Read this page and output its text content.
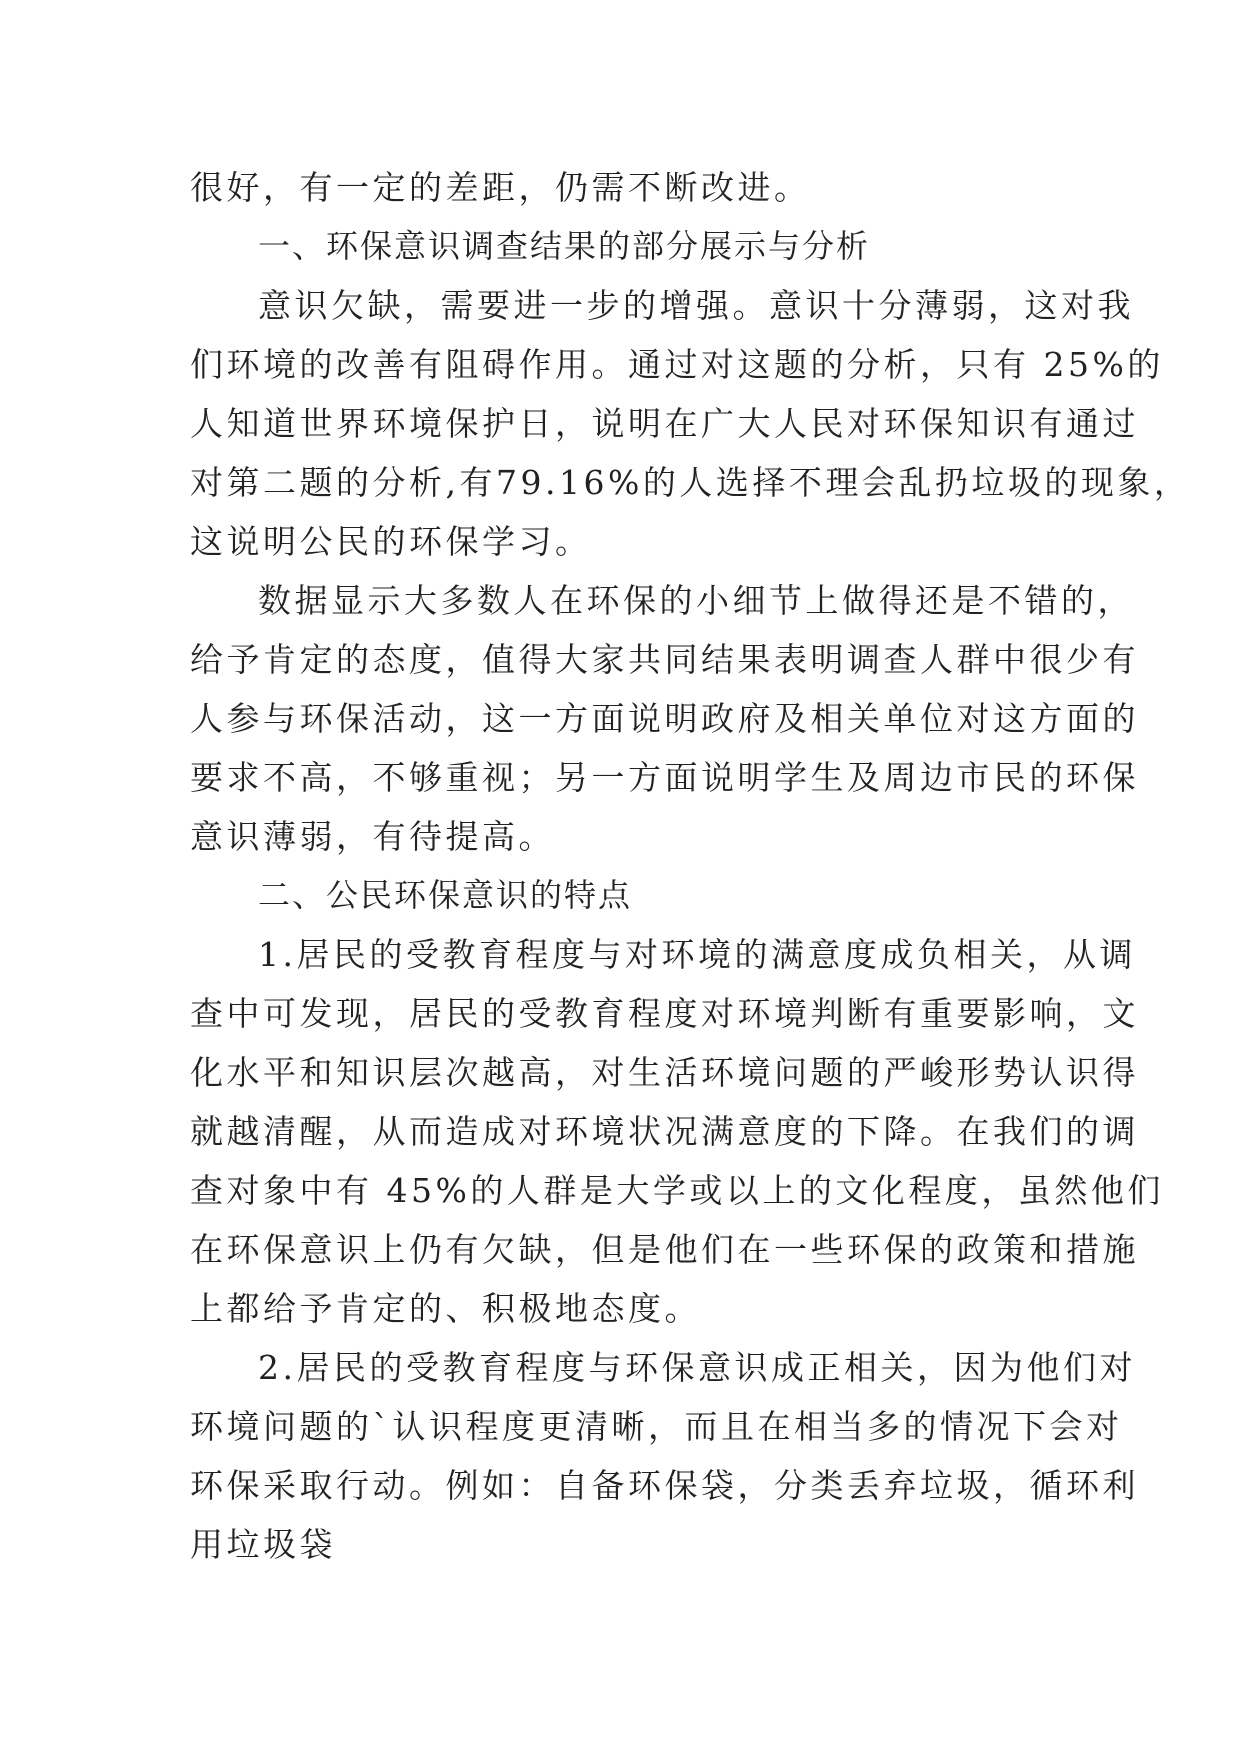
很好，有一定的差距，仍需不断改进。
一、环保意识调查结果的部分展示与分析
意识欠缺，需要进一步的增强。意识十分薄弱，这对我
们环境的改善有阻碍作用。通过对这题的分析，只有 25%的
人知道世界环境保护日，说明在广大人民对环保知识有通过
对第二题的分析,有79.16%的人选择不理会乱扔垃圾的现象，
这说明公民的环保学习。
数据显示大多数人在环保的小细节上做得还是不错的，
给予肯定的态度，值得大家共同结果表明调查人群中很少有
人参与环保活动，这一方面说明政府及相关单位对这方面的
要求不高，不够重视；另一方面说明学生及周边市民的环保
意识薄弱，有待提高。
二、公民环保意识的特点
1.居民的受教育程度与对环境的满意度成负相关，从调
查中可发现，居民的受教育程度对环境判断有重要影响，文
化水平和知识层次越高，对生活环境问题的严峻形势认识得
就越清醒，从而造成对环境状况满意度的下降。在我们的调
查对象中有 45%的人群是大学或以上的文化程度，虽然他们
在环保意识上仍有欠缺，但是他们在一些环保的政策和措施
上都给予肯定的、积极地态度。
2.居民的受教育程度与环保意识成正相关，因为他们对
环境问题的`认识程度更清晰，而且在相当多的情况下会对
环保采取行动。例如：自备环保袋，分类丢弃垃圾，循环利
用垃圾袋
